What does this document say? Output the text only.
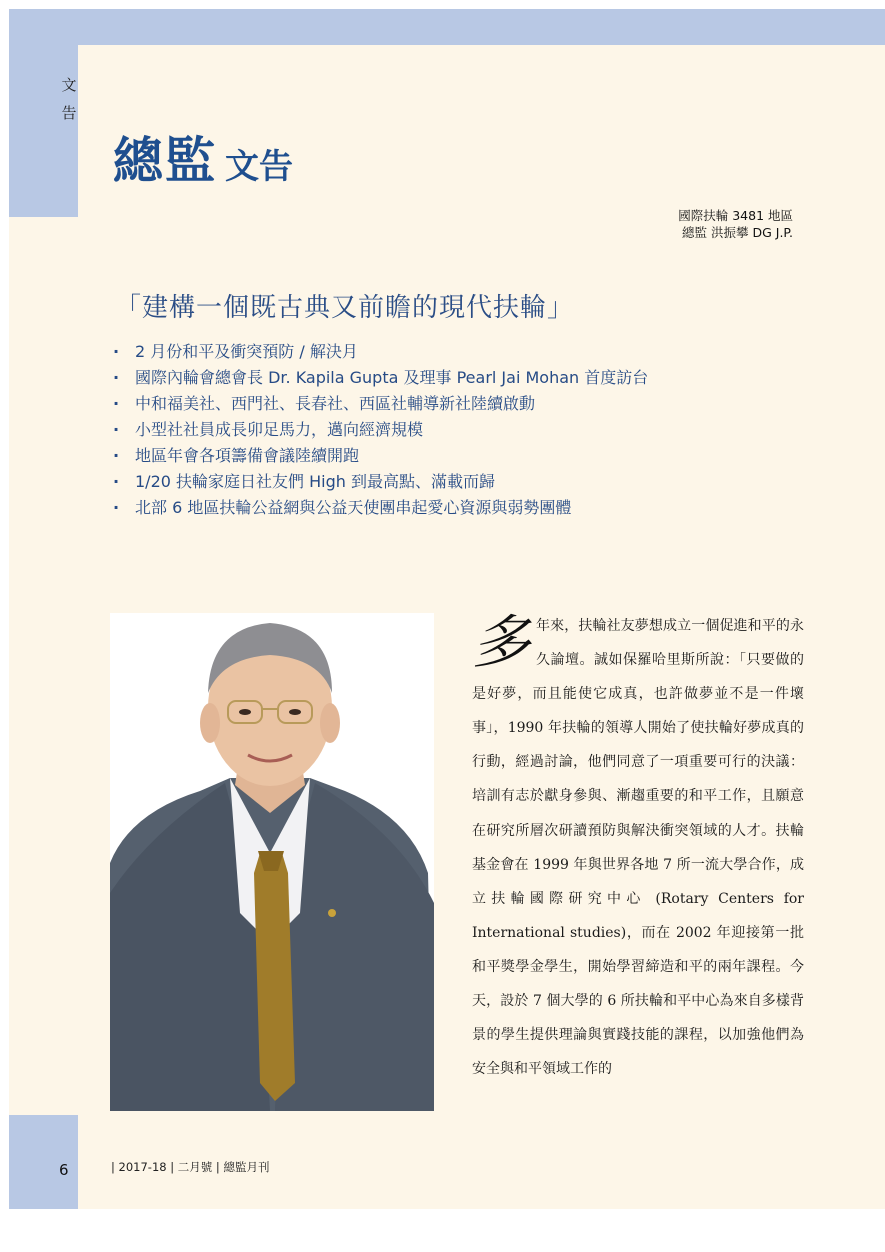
文
告
總監 文告
國際扶輪 3481 地區
總監 洪振攀 DG J.P.
「建構一個既古典又前瞻的現代扶輪」
· 2 月份和平及衝突預防 / 解決月
· 國際內輪會總會長 Dr. Kapila Gupta 及理事 Pearl Jai Mohan 首度訪台
· 中和福美社、西門社、長春社、西區社輔導新社陸續啟動
· 小型社社員成長卯足馬力，邁向經濟規模
· 地區年會各項籌備會議陸續開跑
· 1/20 扶輪家庭日社友們 High 到最高點、滿載而歸
· 北部 6 地區扶輪公益網與公益天使團串起愛心資源與弱勢團體
多年來，扶輪社友夢想成立一個促進和平的永久論壇。誠如保羅哈里斯所說：「只要做的是好夢，而且能使它成真，也許做夢並不是一件壞事」，1990 年扶輪的領導人開始了使扶輪好夢成真的行動，經過討論，他們同意了一項重要可行的決議：培訓有志於獻身參與、漸趨重要的和平工作，且願意在研究所層次研讀預防與解決衝突領域的人才。扶輪基金會在 1999 年與世界各地 7 所一流大學合作，成立扶輪國際研究中心 (Rotary Centers for International studies)，而在 2002 年迎接第一批和平獎學金學生，開始學習締造和平的兩年課程。今天，設於 7 個大學的 6 所扶輪和平中心為來自多樣背景的學生提供理論與實踐技能的課程，以加強他們為安全與和平領域工作的
6	| 2017-18 | 二月號 | 總監月刊
